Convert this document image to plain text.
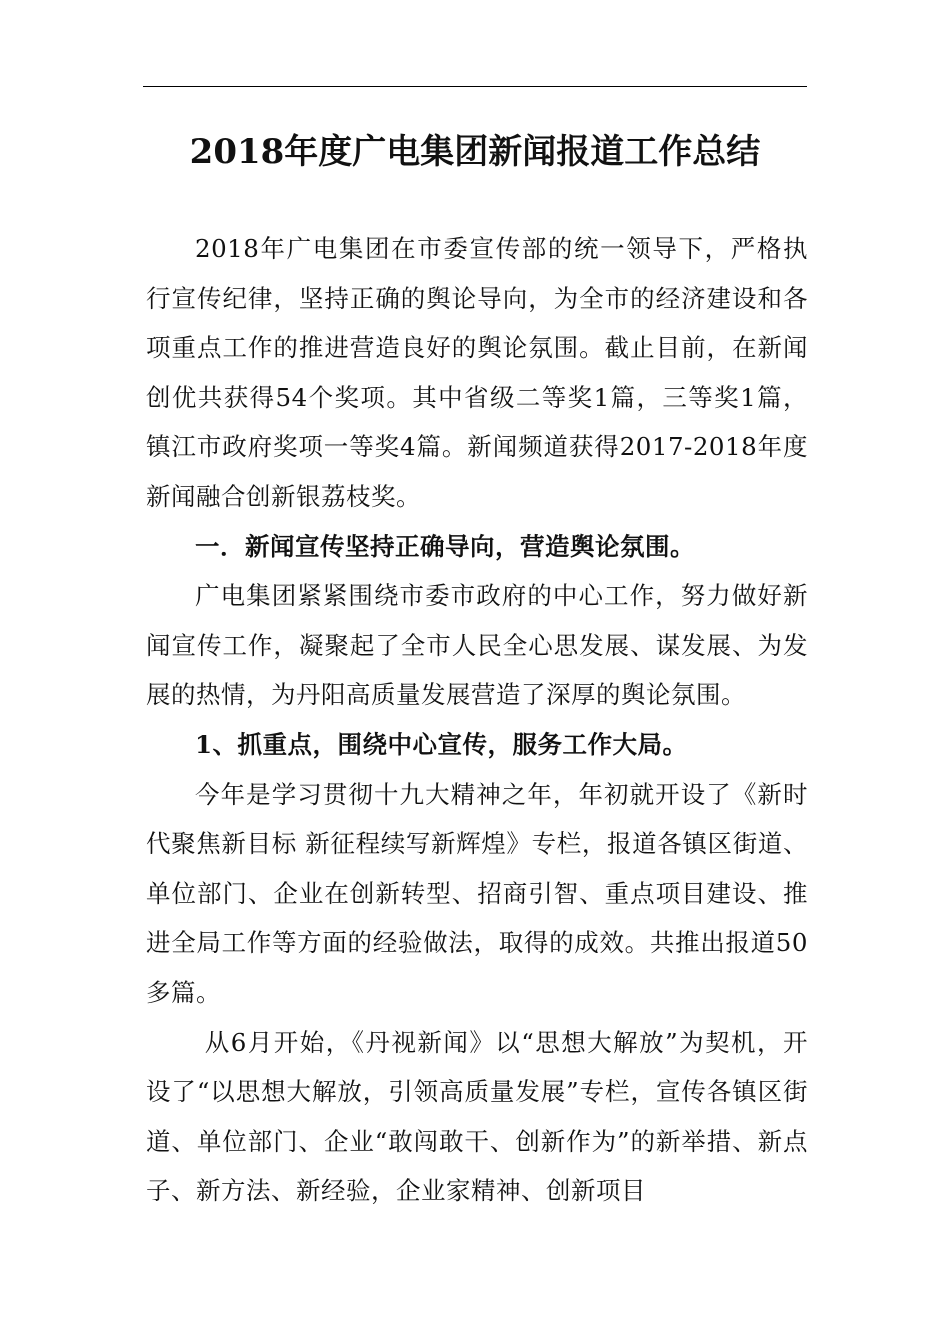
2018年度广电集团新闻报道工作总结

2018年广电集团在市委宣传部的统一领导下，严格执行宣传纪律，坚持正确的舆论导向，为全市的经济建设和各项重点工作的推进营造良好的舆论氛围。截止目前，在新闻创优共获得54个奖项。其中省级二等奖1篇，三等奖1篇，镇江市政府奖项一等奖4篇。新闻频道获得2017-2018年度新闻融合创新银荔枝奖。

一．新闻宣传坚持正确导向，营造舆论氛围。

广电集团紧紧围绕市委市政府的中心工作，努力做好新闻宣传工作，凝聚起了全市人民全心思发展、谋发展、为发展的热情，为丹阳高质量发展营造了深厚的舆论氛围。

1、抓重点，围绕中心宣传，服务工作大局。

今年是学习贯彻十九大精神之年，年初就开设了《新时代聚焦新目标 新征程续写新辉煌》专栏，报道各镇区街道、单位部门、企业在创新转型、招商引智、重点项目建设、推进全局工作等方面的经验做法，取得的成效。共推出报道50多篇。

从6月开始，《丹视新闻》以“思想大解放”为契机，开设了“以思想大解放，引领高质量发展”专栏，宣传各镇区街道、单位部门、企业“敢闯敢干、创新作为”的新举措、新点子、新方法、新经验，企业家精神、创新项目
